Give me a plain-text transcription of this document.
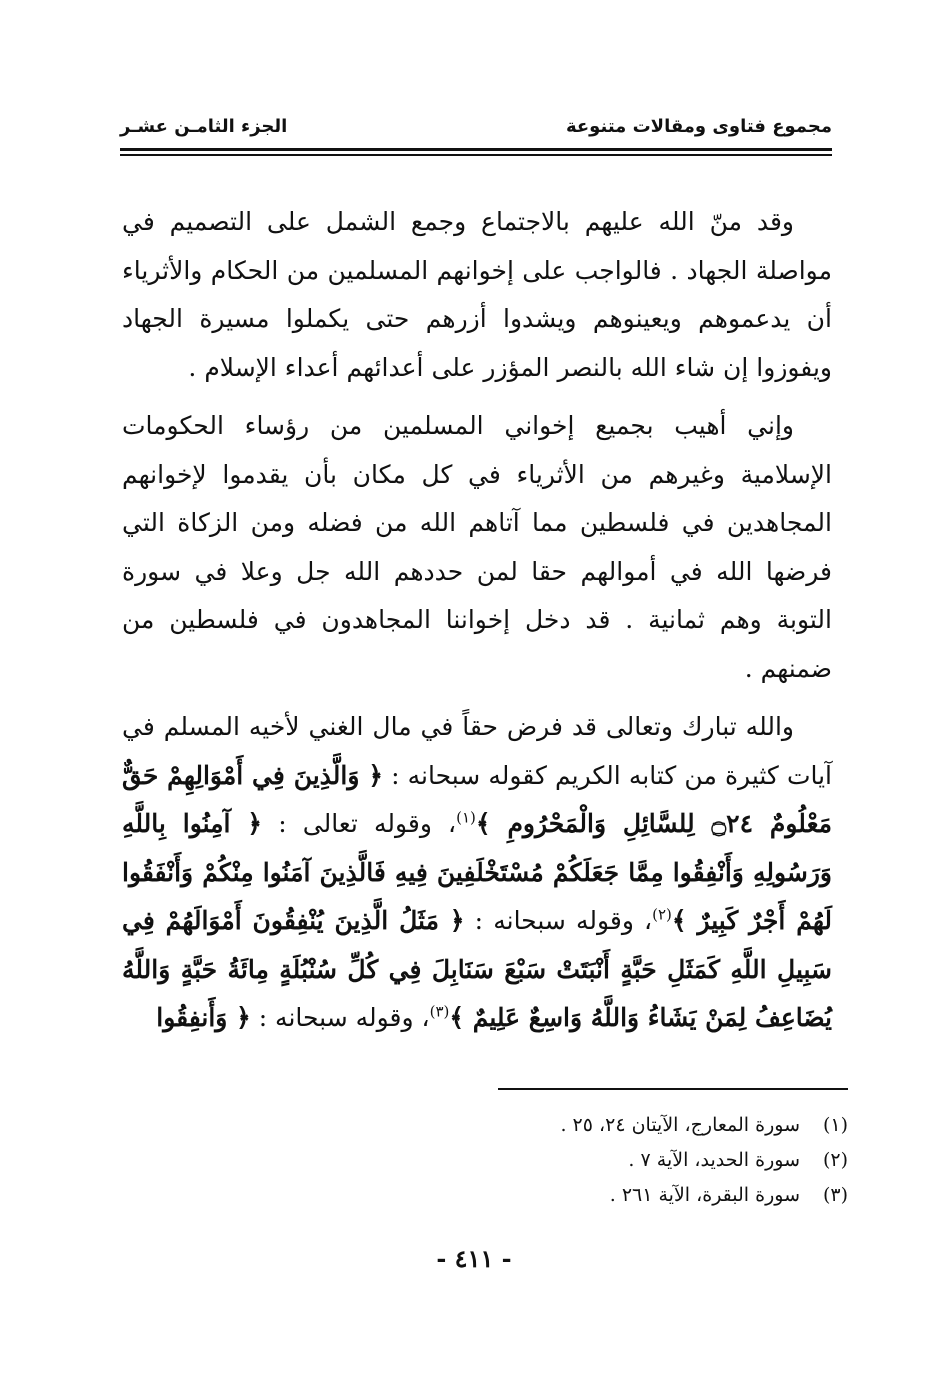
مجموع فتاوى ومقالات متنوعة
الجزء الثامـن عشـر

وقد منّ الله عليهم بالاجتماع وجمع الشمل على التصميم في مواصلة الجهاد . فالواجب على إخوانهم المسلمين من الحكام والأثرياء أن يدعموهم ويعينوهم ويشدوا أزرهم حتى يكملوا مسيرة الجهاد ويفوزوا إن شاء الله بالنصر المؤزر على أعدائهم أعداء الإسلام .

وإني أهيب بجميع إخواني المسلمين من رؤساء الحكومات الإسلامية وغيرهم من الأثرياء في كل مكان بأن يقدموا لإخوانهم المجاهدين في فلسطين مما آتاهم الله من فضله ومن الزكاة التي فرضها الله في أموالهم حقا لمن حددهم الله جل وعلا في سورة التوبة وهم ثمانية . قد دخل إخواننا المجاهدون في فلسطين من ضمنهم .

والله تبارك وتعالى قد فرض حقاً في مال الغني لأخيه المسلم في آيات كثيرة من كتابه الكريم كقوله سبحانه : ﴿ وَالَّذِينَ فِي أَمْوَالِهِمْ حَقٌّ مَعْلُومٌ ۝٢٤ لِلسَّائِلِ وَالْمَحْرُومِ ﴾$^{(١)}$، وقوله تعالى : ﴿ آمِنُوا بِاللَّهِ وَرَسُولِهِ وَأَنْفِقُوا مِمَّا جَعَلَكُمْ مُسْتَخْلَفِينَ فِيهِ فَالَّذِينَ آمَنُوا مِنْكُمْ وَأَنْفَقُوا لَهُمْ أَجْرٌ كَبِيرٌ ﴾$^{(٢)}$، وقوله سبحانه : ﴿ مَثَلُ الَّذِينَ يُنْفِقُونَ أَمْوَالَهُمْ فِي سَبِيلِ اللَّهِ كَمَثَلِ حَبَّةٍ أَنْبَتَتْ سَبْعَ سَنَابِلَ فِي كُلِّ سُنْبُلَةٍ مِائَةُ حَبَّةٍ وَاللَّهُ يُضَاعِفُ لِمَنْ يَشَاءُ وَاللَّهُ وَاسِعٌ عَلِيمٌ ﴾$^{(٣)}$، وقوله سبحانه : ﴿ وَأَنفِقُوا

(١)
سورة المعارج، الآيتان ٢٤، ٢٥ .
(٢)
سورة الحديد، الآية ٧ .
(٣)
سورة البقرة، الآية ٢٦١ .
- ٤١١ -
